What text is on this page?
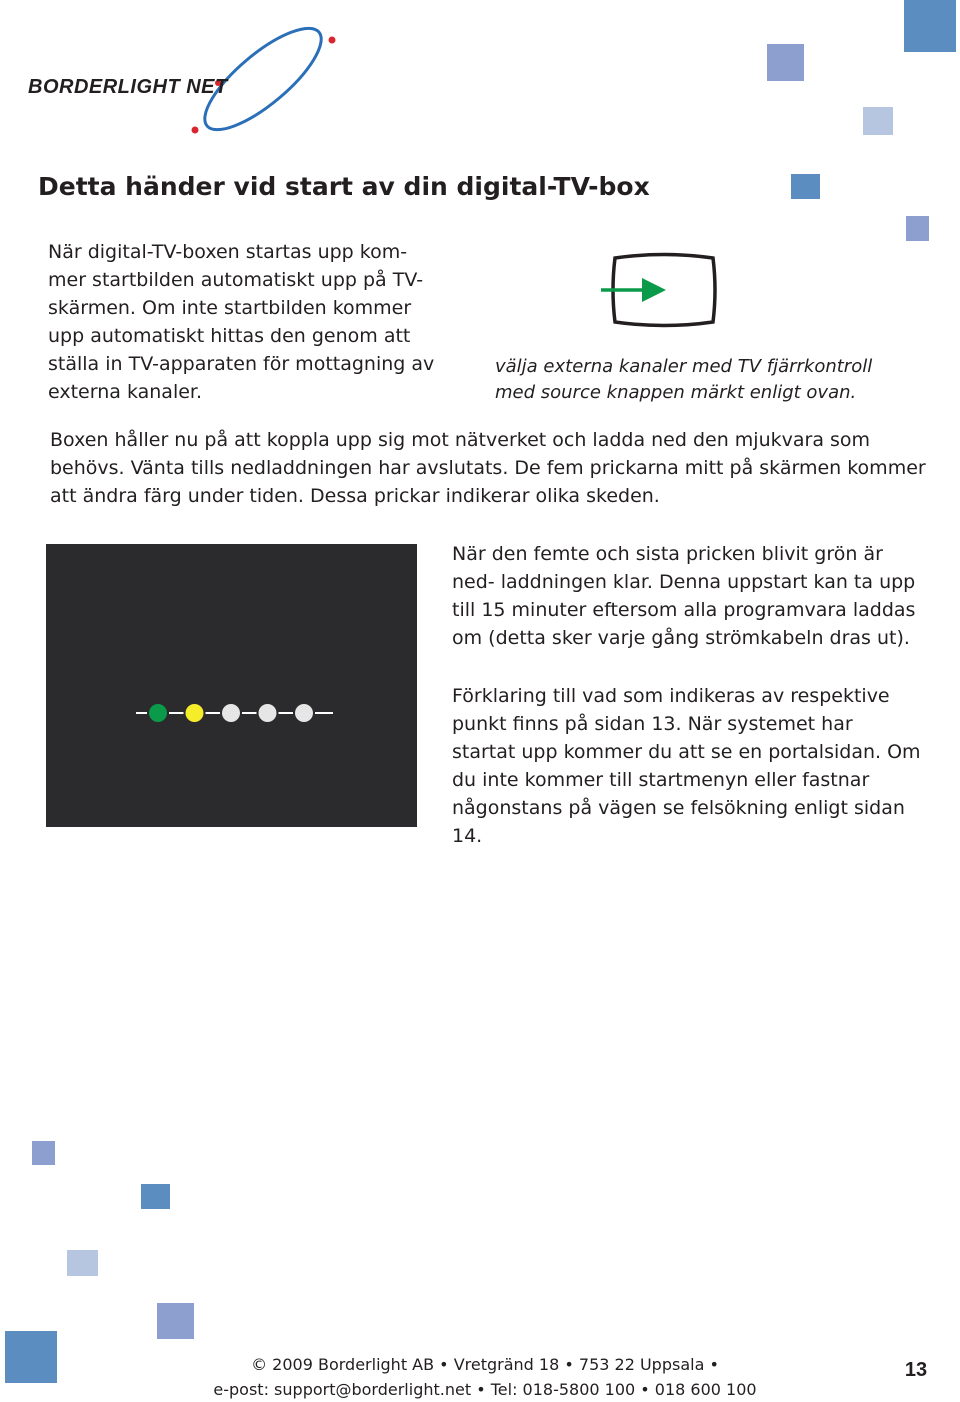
BORDERLIGHT NET
Detta händer vid start av din digital-TV-box

När digital-TV-boxen startas upp kom- mer startbilden automatiskt upp på TV- skärmen. Om inte startbilden kommer upp automatiskt hittas den genom att ställa in TV-apparaten för mottagning av externa kanaler.

välja externa kanaler med TV fjärrkontroll med source knappen märkt enligt ovan.

Boxen håller nu på att koppla upp sig mot nätverket och ladda ned den mjukvara som behövs. Vänta tills nedladdningen har avslutats. De fem prickarna mitt på skärmen kommer att ändra färg under tiden. Dessa prickar indikerar olika skeden.

När den femte och sista pricken blivit grön är ned- laddningen klar. Denna uppstart kan ta upp till 15 minuter eftersom alla programvara laddas om (detta sker varje gång strömkabeln dras ut).

Förklaring till vad som indikeras av respektive punkt finns på sidan 13. När systemet har startat upp kommer du att se en portalsidan. Om du inte kommer till startmenyn eller fastnar någonstans på vägen se felsökning enligt sidan 14.

© 2009 Borderlight AB • Vretgränd 18 • 753 22 Uppsala •
e-post: support@borderlight.net • Tel: 018-5800 100 • 018 600 100
13
